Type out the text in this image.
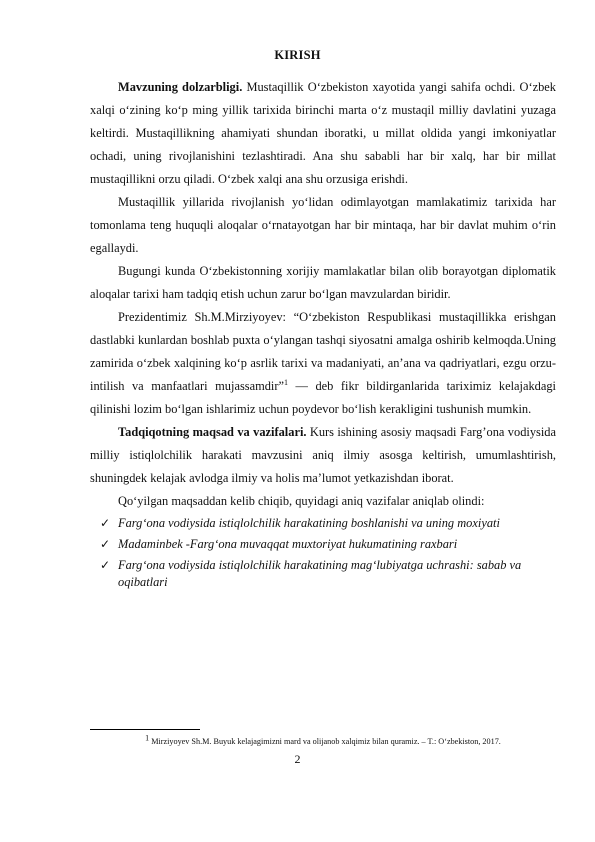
KIRISH

Mavzuning dolzarbligi. Mustaqillik O‘zbekiston xayotida yangi sahifa ochdi. O‘zbek xalqi o‘zining ko‘p ming yillik tarixida birinchi marta o‘z mustaqil milliy davlatini yuzaga keltirdi. Mustaqillikning ahamiyati shundan iboratki, u millat oldida yangi imkoniyatlar ochadi, uning rivojlanishini tezlashtiradi. Ana shu sababli har bir xalq, har bir millat mustaqillikni orzu qiladi. O‘zbek xalqi ana shu orzusiga erishdi.

Mustaqillik yillarida rivojlanish yo‘lidan odimlayotgan mamlakatimiz tarixida har tomonlama teng huquqli aloqalar o‘rnatayotgan har bir mintaqa, har bir davlat muhim o‘rin egallaydi.

Bugungi kunda O‘zbekistonning xorijiy mamlakatlar bilan olib borayotgan diplomatik aloqalar tarixi ham tadqiq etish uchun zarur bo‘lgan mavzulardan biridir.

Prezidentimiz Sh.M.Mirziyoyev: “O‘zbekiston Respublikasi mustaqillikka erishgan dastlabki kunlardan boshlab puxta o‘ylangan tashqi siyosatni amalga oshirib kelmoqda.Uning zamirida o‘zbek xalqining ko‘p asrlik tarixi va madaniyati, an’ana va qadriyatlari, ezgu orzu-intilish va manfaatlari mujassamdir”$^1$ — deb fikr bildirganlarida tariximiz kelajakdagi qilinishi lozim bo‘lgan ishlarimiz uchun poydevor bo‘lish kerakligini tushunish mumkin.

Tadqiqotning maqsad va vazifalari. Kurs ishining asosiy maqsadi Farg’ona vodiysida milliy istiqlolchilik harakati mavzusini aniq ilmiy asosga keltirish, umumlashtirish, shuningdek kelajak avlodga ilmiy va holis ma’lumot yetkazishdan iborat.

Qo‘yilgan maqsaddan kelib chiqib, quyidagi aniq vazifalar aniqlab olindi:

✓ Farg‘ona vodiysida istiqlolchilik harakatining boshlanishi va uning moxiyati
✓ Madaminbek -Farg‘ona muvaqqat muxtoriyat hukumatining raxbari
✓ Farg‘ona vodiysida istiqlolchilik harakatining mag‘lubiyatga uchrashi: sabab va oqibatlari
$^1$ Mirziyoyev Sh.M. Buyuk kelajagimizni mard va olijanob xalqimiz bilan quramiz. – T.: O‘zbekiston, 2017.
2
